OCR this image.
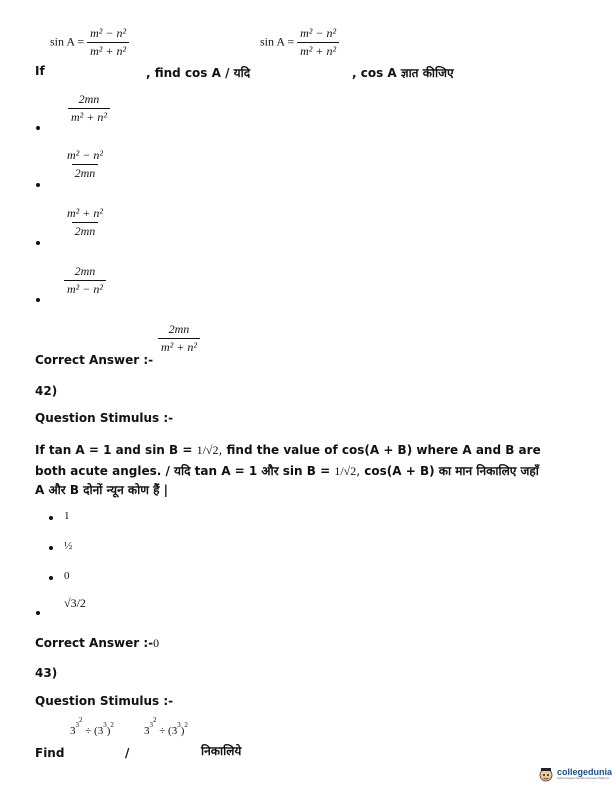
$\sin A = \frac{\text{m² − n²}}{\text{m² + n²}}$	$\sin A = \frac{\text{m² − n²}}{\text{m² + n²}}$
If	, find cos A / यदि	, cos A ज्ञात कीजिए
$\frac{2mn}{\text{m² + n²}}$
$\frac{\text{m² − n²}}{2mn}$
$\frac{\text{m² + n²}}{2mn}$
$\frac{2mn}{\text{m² − n²}}$
$\frac{2mn}{\text{m² + n²}}$
Correct Answer :-
42)
Question Stimulus :-
If tan A = 1 and sin B = 1/√2, find the value of cos(A + B) where A and B are
both acute angles. / यदि tan A = 1 और sin B = 1/√2, cos(A + B) का मान निकालिए जहाँ
A और B दोनों न्यून कोण हैं |
1
½
0
√3/2
Correct Answer :-0
43)
Question Stimulus :-
$3^{3^2} \div (3^3)^2$	$3^{3^2} \div (3^3)^2$
Find	/	निकालिये
collegedunia
India's largest Student Review Platform
